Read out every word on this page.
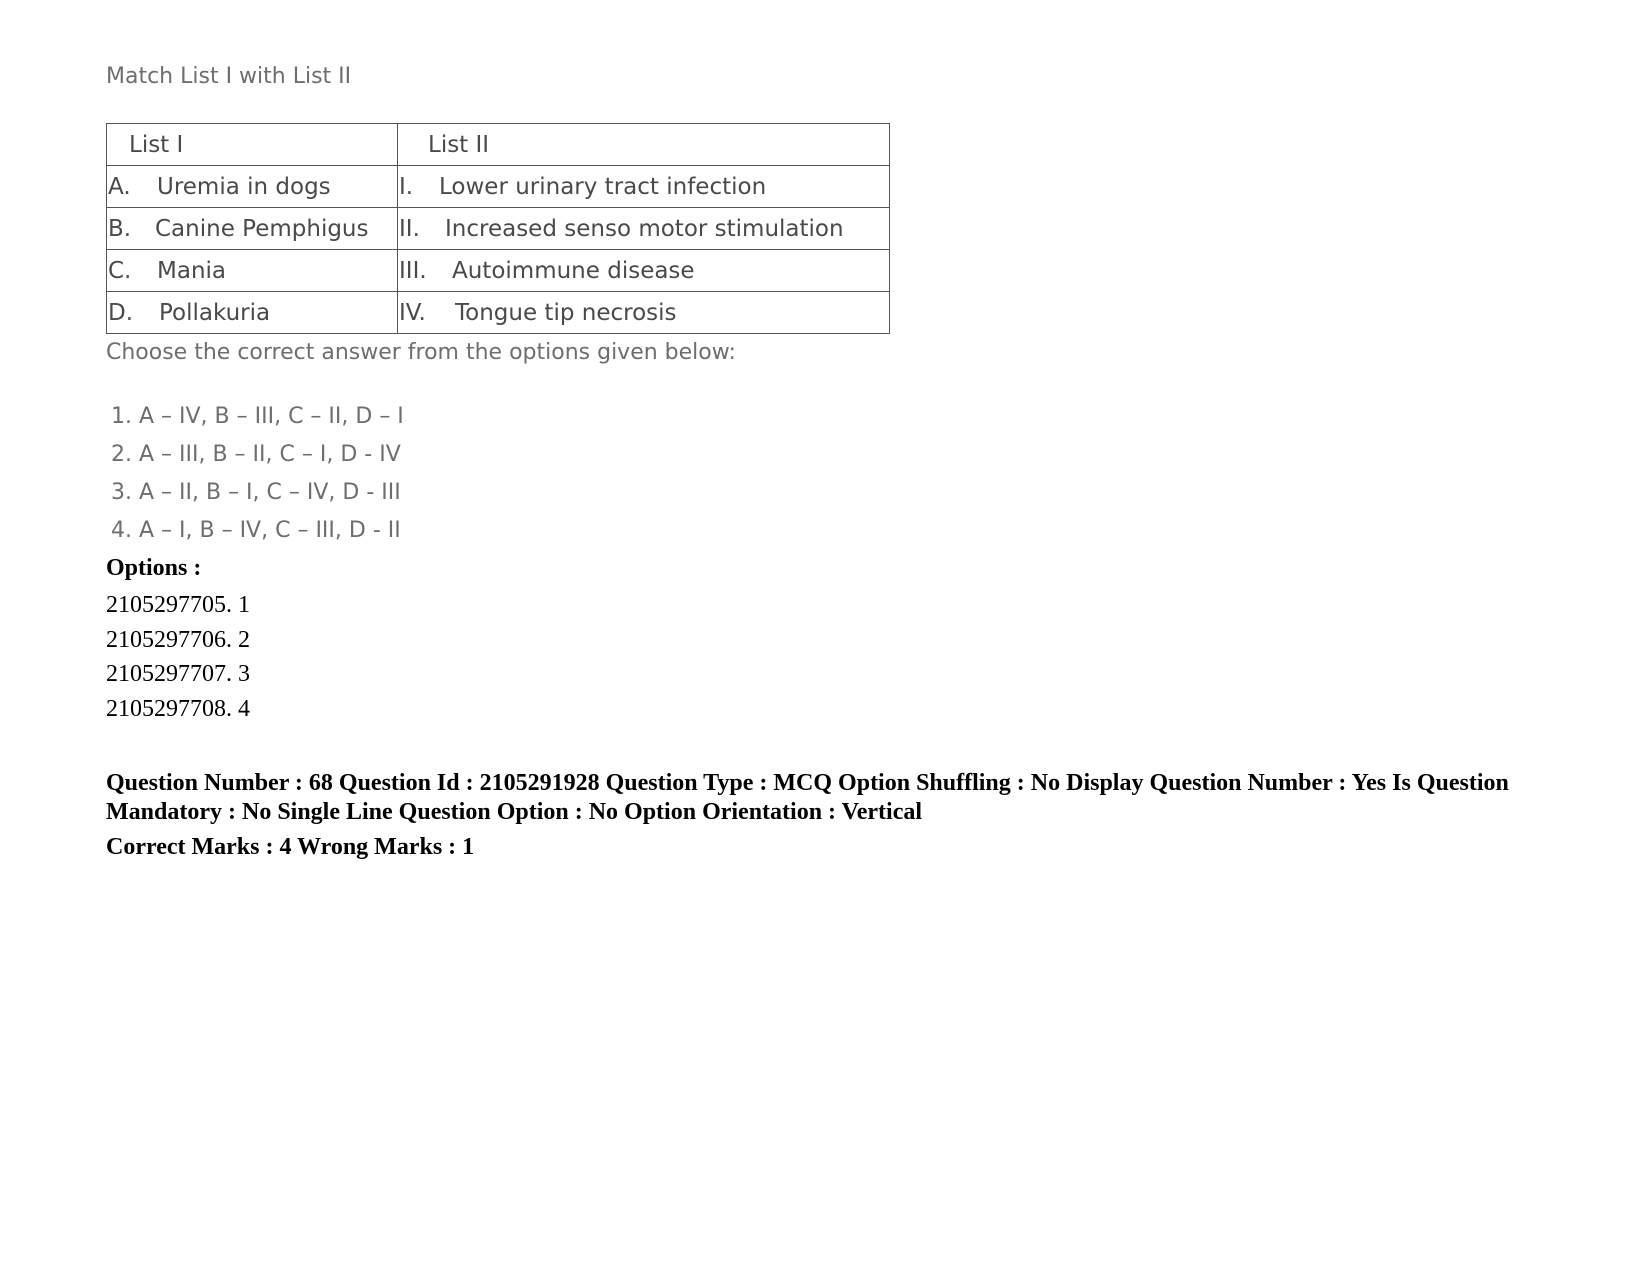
Match List I with List II

List I	List II
A. Uremia in dogs	I. Lower urinary tract infection
B. Canine Pemphigus	II. Increased senso motor stimulation
C. Mania	III. Autoimmune disease
D. Pollakuria	IV. Tongue tip necrosis

Choose the correct answer from the options given below:

1. A – IV, B – III, C – II, D – I
2. A – III, B – II, C – I, D - IV
3. A – II, B – I, C – IV, D - III
4. A – I, B – IV, C – III, D - II

Options :

2105297705. 1
2105297706. 2
2105297707. 3
2105297708. 4

Question Number : 68 Question Id : 2105291928 Question Type : MCQ Option Shuffling : No Display Question Number : Yes Is Question Mandatory : No Single Line Question Option : No Option Orientation : Vertical

Correct Marks : 4 Wrong Marks : 1
